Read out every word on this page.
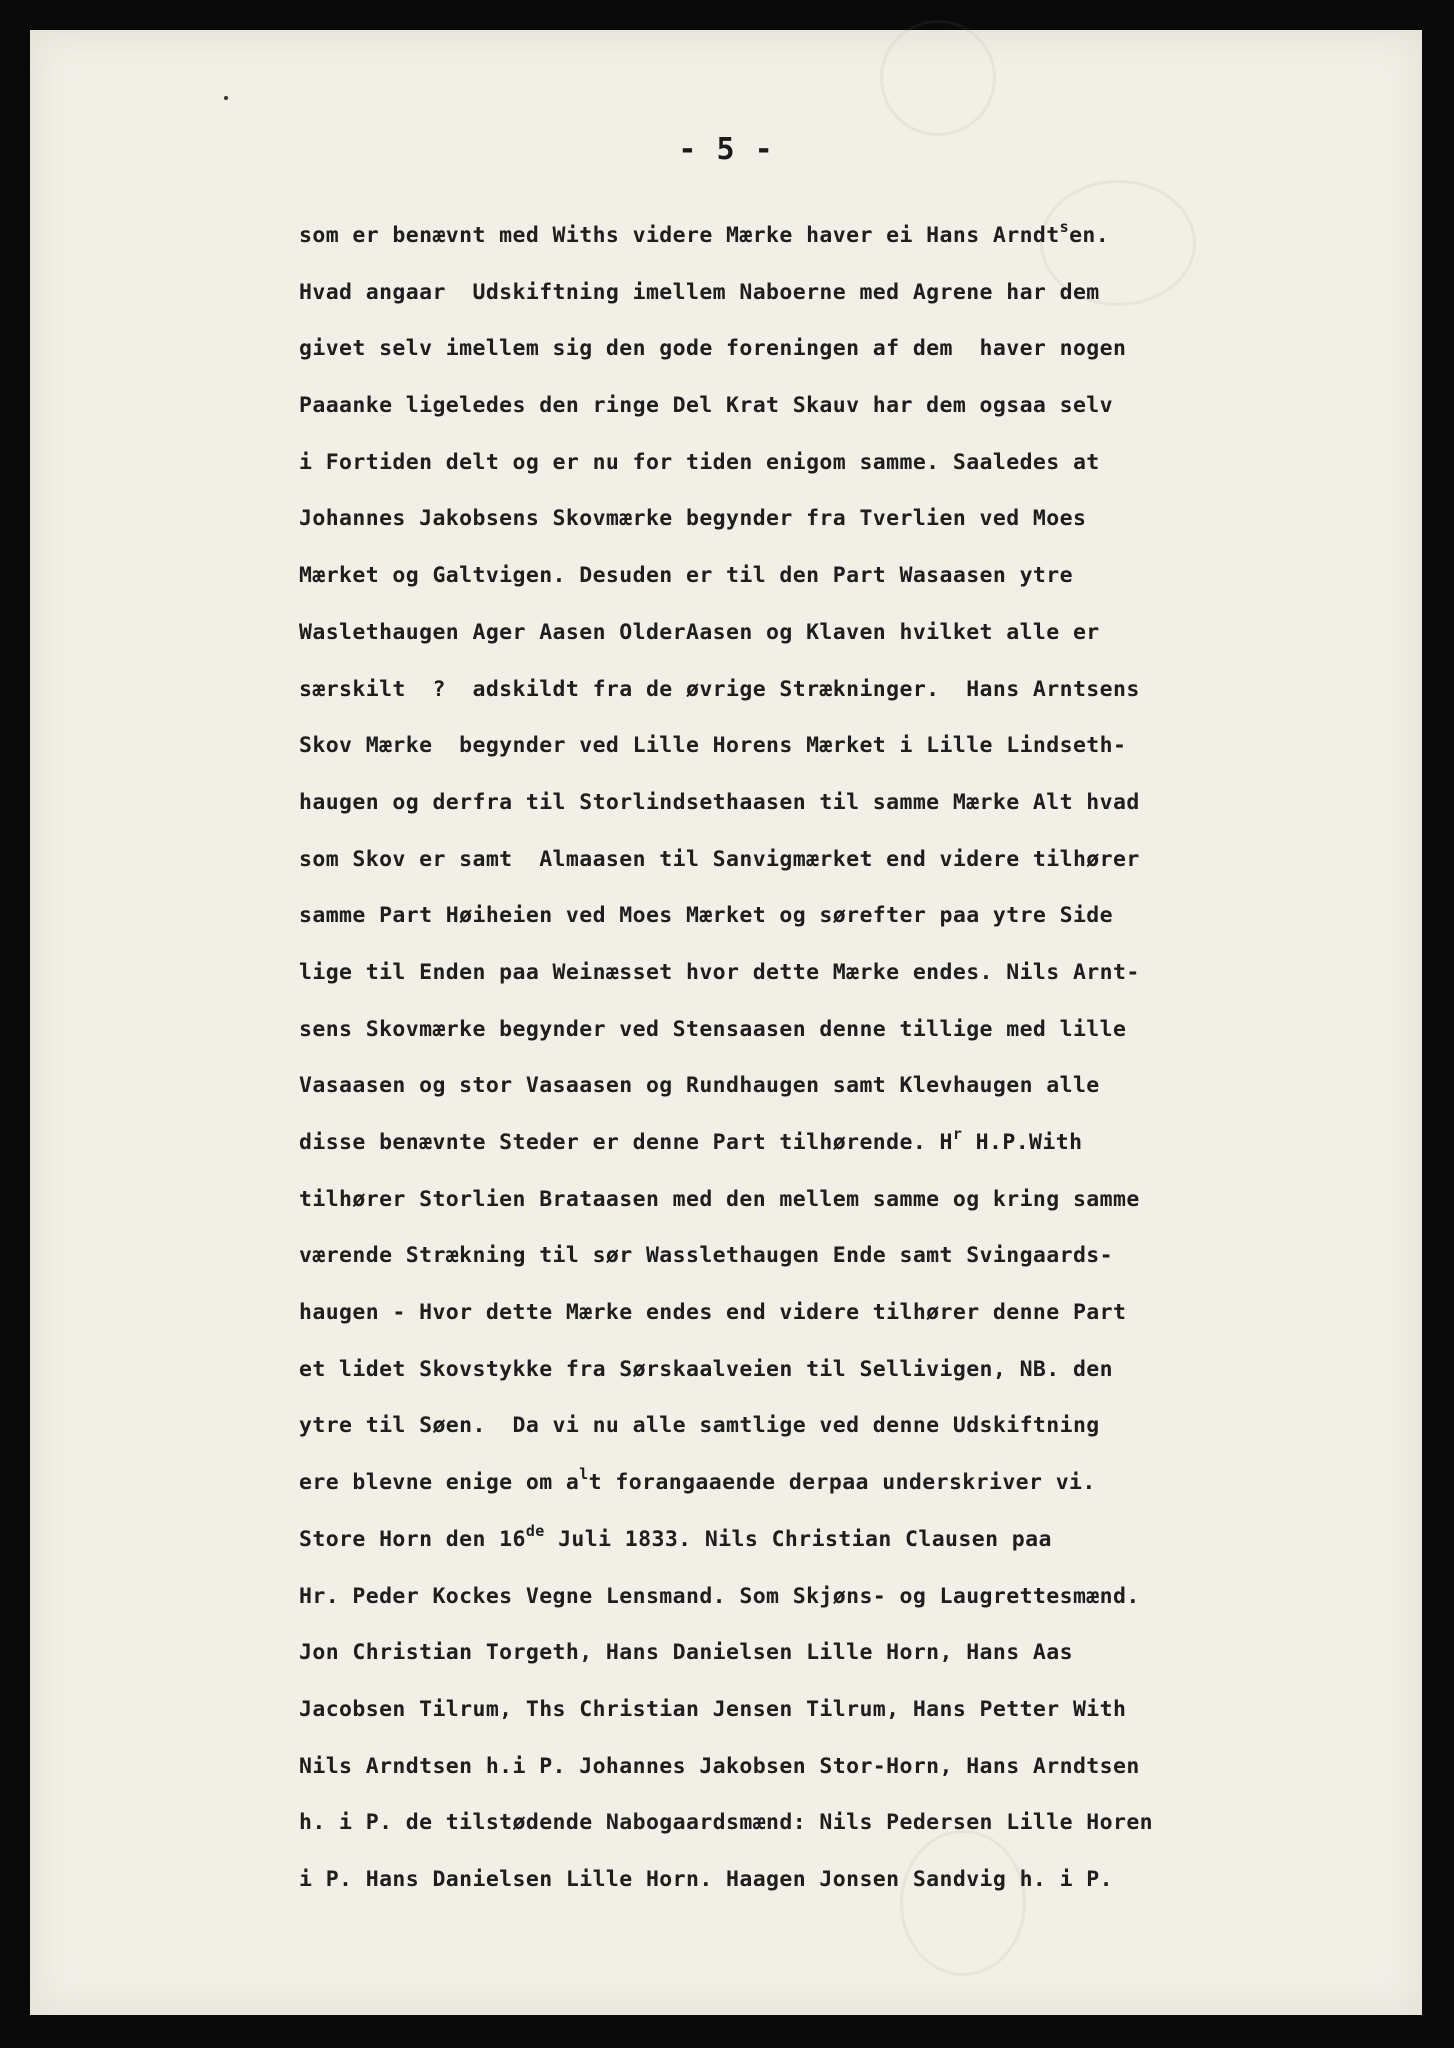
- 5 -
som er benævnt med Withs videre Mærke haver ei Hans Arndt$^s$en.
Hvad angaar  Udskiftning imellem Naboerne med Agrene har dem
givet selv imellem sig den gode foreningen af dem  haver nogen
Paaanke ligeledes den ringe Del Krat Skauv har dem ogsaa selv
i Fortiden delt og er nu for tiden enigom samme. Saaledes at
Johannes Jakobsens Skovmærke begynder fra Tverlien ved Moes
Mærket og Galtvigen. Desuden er til den Part Wasaasen ytre
Waslethaugen Ager Aasen OlderAasen og Klaven hvilket alle er
særskilt  ?  adskildt fra de øvrige Strækninger.  Hans Arntsens
Skov Mærke  begynder ved Lille Horens Mærket i Lille Lindseth-
haugen og derfra til Storlindsethaasen til samme Mærke Alt hvad
som Skov er samt  Almaasen til Sanvigmærket end videre tilhører
samme Part Høiheien ved Moes Mærket og sørefter paa ytre Side
lige til Enden paa Weinæsset hvor dette Mærke endes. Nils Arnt-
sens Skovmærke begynder ved Stensaasen denne tillige med lille
Vasaasen og stor Vasaasen og Rundhaugen samt Klevhaugen alle
disse benævnte Steder er denne Part tilhørende. $H^r$ H.P.With
tilhører Storlien Brataasen med den mellem samme og kring samme
værende Strækning til sør Wasslethaugen Ende samt Svingaards-
haugen - Hvor dette Mærke endes end videre tilhører denne Part
et lidet Skovstykke fra Sørskaalveien til Sellivigen, NB. den
ytre til Søen.  Da vi nu alle samtlige ved denne Udskiftning
ere blevne enige om $a^lt$ forangaaende derpaa underskriver vi.
Store Horn den 16de Juli 1833. Nils Christian Clausen paa
Hr. Peder Kockes Vegne Lensmand. Som Skjøns- og Laugrettesmænd.
Jon Christian Torgeth, Hans Danielsen Lille Horn, Hans Aas
Jacobsen Tilrum, Ths Christian Jensen Tilrum, Hans Petter With
Nils Arndtsen h.i P. Johannes Jakobsen Stor-Horn, Hans Arndtsen
h. i P. de tilstødende Nabogaardsmænd: Nils Pedersen Lille Horen
i P. Hans Danielsen Lille Horn. Haagen Jonsen Sandvig h. i P.
